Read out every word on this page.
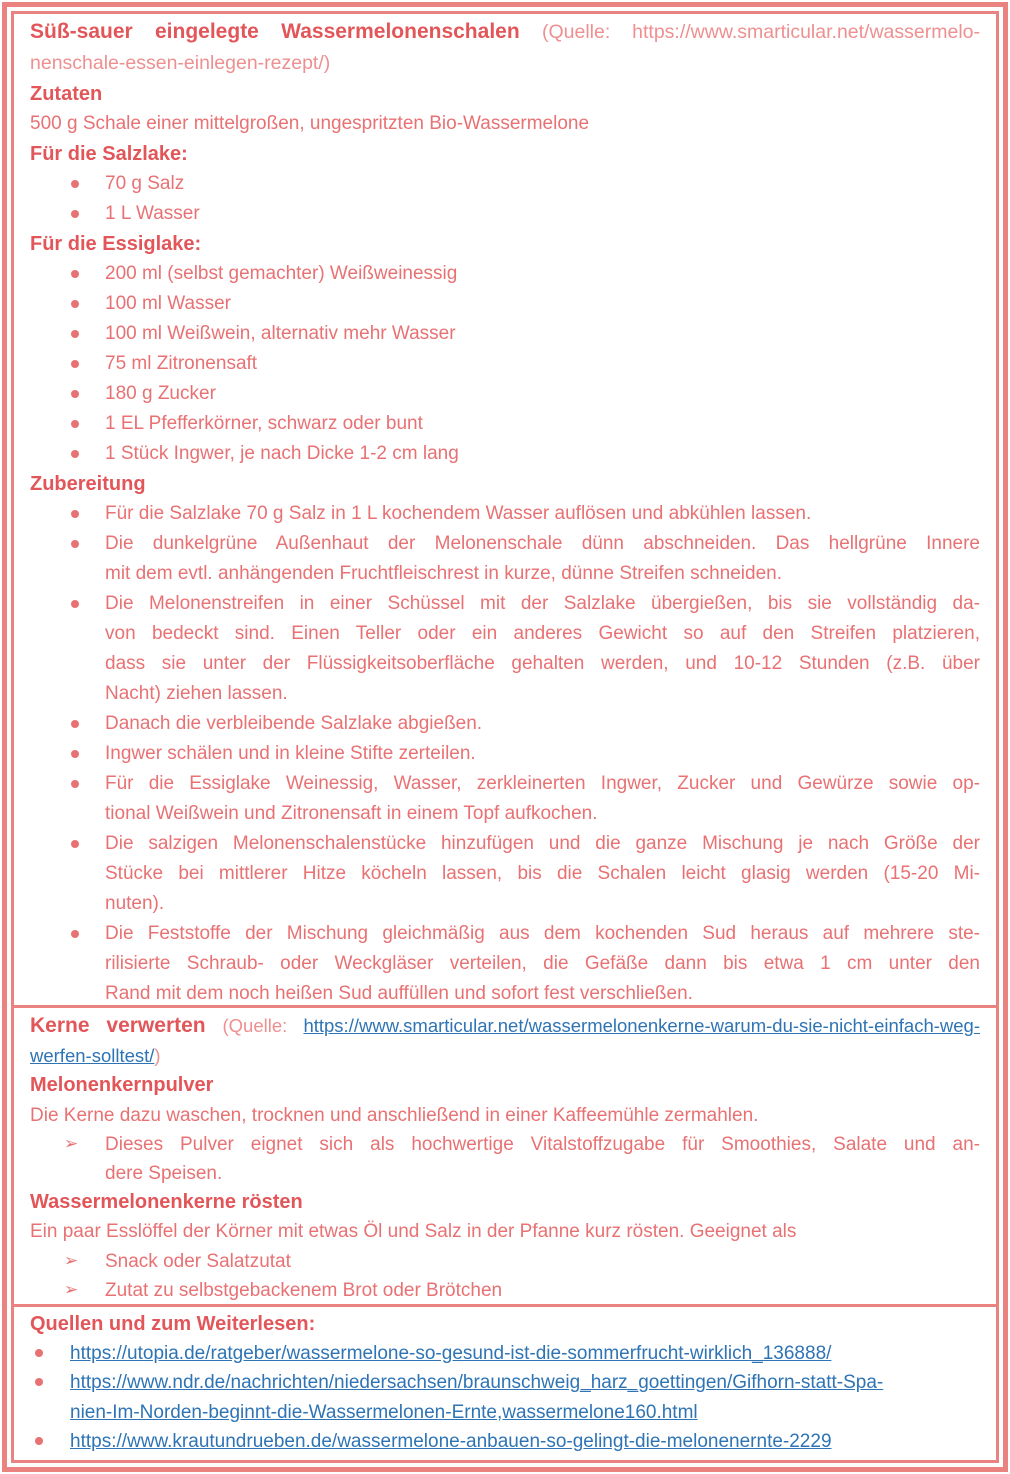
Süß-sauer eingelegte Wassermelonenschalen (Quelle: https://www.smarticular.net/wassermelo-
nenschale-essen-einlegen-rezept/)
Zutaten
500 g Schale einer mittelgroßen, ungespritzten Bio-Wassermelone
Für die Salzlake:
70 g Salz
1 L Wasser
Für die Essiglake:
200 ml (selbst gemachter) Weißweinessig
100 ml Wasser
100 ml Weißwein, alternativ mehr Wasser
75 ml Zitronensaft
180 g Zucker
1 EL Pfefferkörner, schwarz oder bunt
1 Stück Ingwer, je nach Dicke 1-2 cm lang
Zubereitung
Für die Salzlake 70 g Salz in 1 L kochendem Wasser auflösen und abkühlen lassen.
Die dunkelgrüne Außenhaut der Melonenschale dünn abschneiden. Das hellgrüne Innere
mit dem evtl. anhängenden Fruchtfleischrest in kurze, dünne Streifen schneiden.
Die Melonenstreifen in einer Schüssel mit der Salzlake übergießen, bis sie vollständig da-
von bedeckt sind. Einen Teller oder ein anderes Gewicht so auf den Streifen platzieren,
dass sie unter der Flüssigkeitsoberfläche gehalten werden, und 10-12 Stunden (z.B. über
Nacht) ziehen lassen.
Danach die verbleibende Salzlake abgießen.
Ingwer schälen und in kleine Stifte zerteilen.
Für die Essiglake Weinessig, Wasser, zerkleinerten Ingwer, Zucker und Gewürze sowie op-
tional Weißwein und Zitronensaft in einem Topf aufkochen.
Die salzigen Melonenschalenstücke hinzufügen und die ganze Mischung je nach Größe der
Stücke bei mittlerer Hitze köcheln lassen, bis die Schalen leicht glasig werden (15-20 Mi-
nuten).
Die Feststoffe der Mischung gleichmäßig aus dem kochenden Sud heraus auf mehrere ste-
rilisierte Schraub- oder Weckgläser verteilen, die Gefäße dann bis etwa 1 cm unter den
Rand mit dem noch heißen Sud auffüllen und sofort fest verschließen.
Kerne verwerten (Quelle: https://www.smarticular.net/wassermelonenkerne-warum-du-sie-nicht-einfach-weg-
werfen-solltest/)
Melonenkernpulver
Die Kerne dazu waschen, trocknen und anschließend in einer Kaffeemühle zermahlen.
➢ Dieses Pulver eignet sich als hochwertige Vitalstoffzugabe für Smoothies, Salate und an-
dere Speisen.
Wassermelonenkerne rösten
Ein paar Esslöffel der Körner mit etwas Öl und Salz in der Pfanne kurz rösten. Geeignet als
➢ Snack oder Salatzutat
➢ Zutat zu selbstgebackenem Brot oder Brötchen
Quellen und zum Weiterlesen:
https://utopia.de/ratgeber/wassermelone-so-gesund-ist-die-sommerfrucht-wirklich_136888/
https://www.ndr.de/nachrichten/niedersachsen/braunschweig_harz_goettingen/Gifhorn-statt-Spa-
nien-Im-Norden-beginnt-die-Wassermelonen-Ernte,wassermelone160.html
https://www.krautundrueben.de/wassermelone-anbauen-so-gelingt-die-melonenernte-2229
